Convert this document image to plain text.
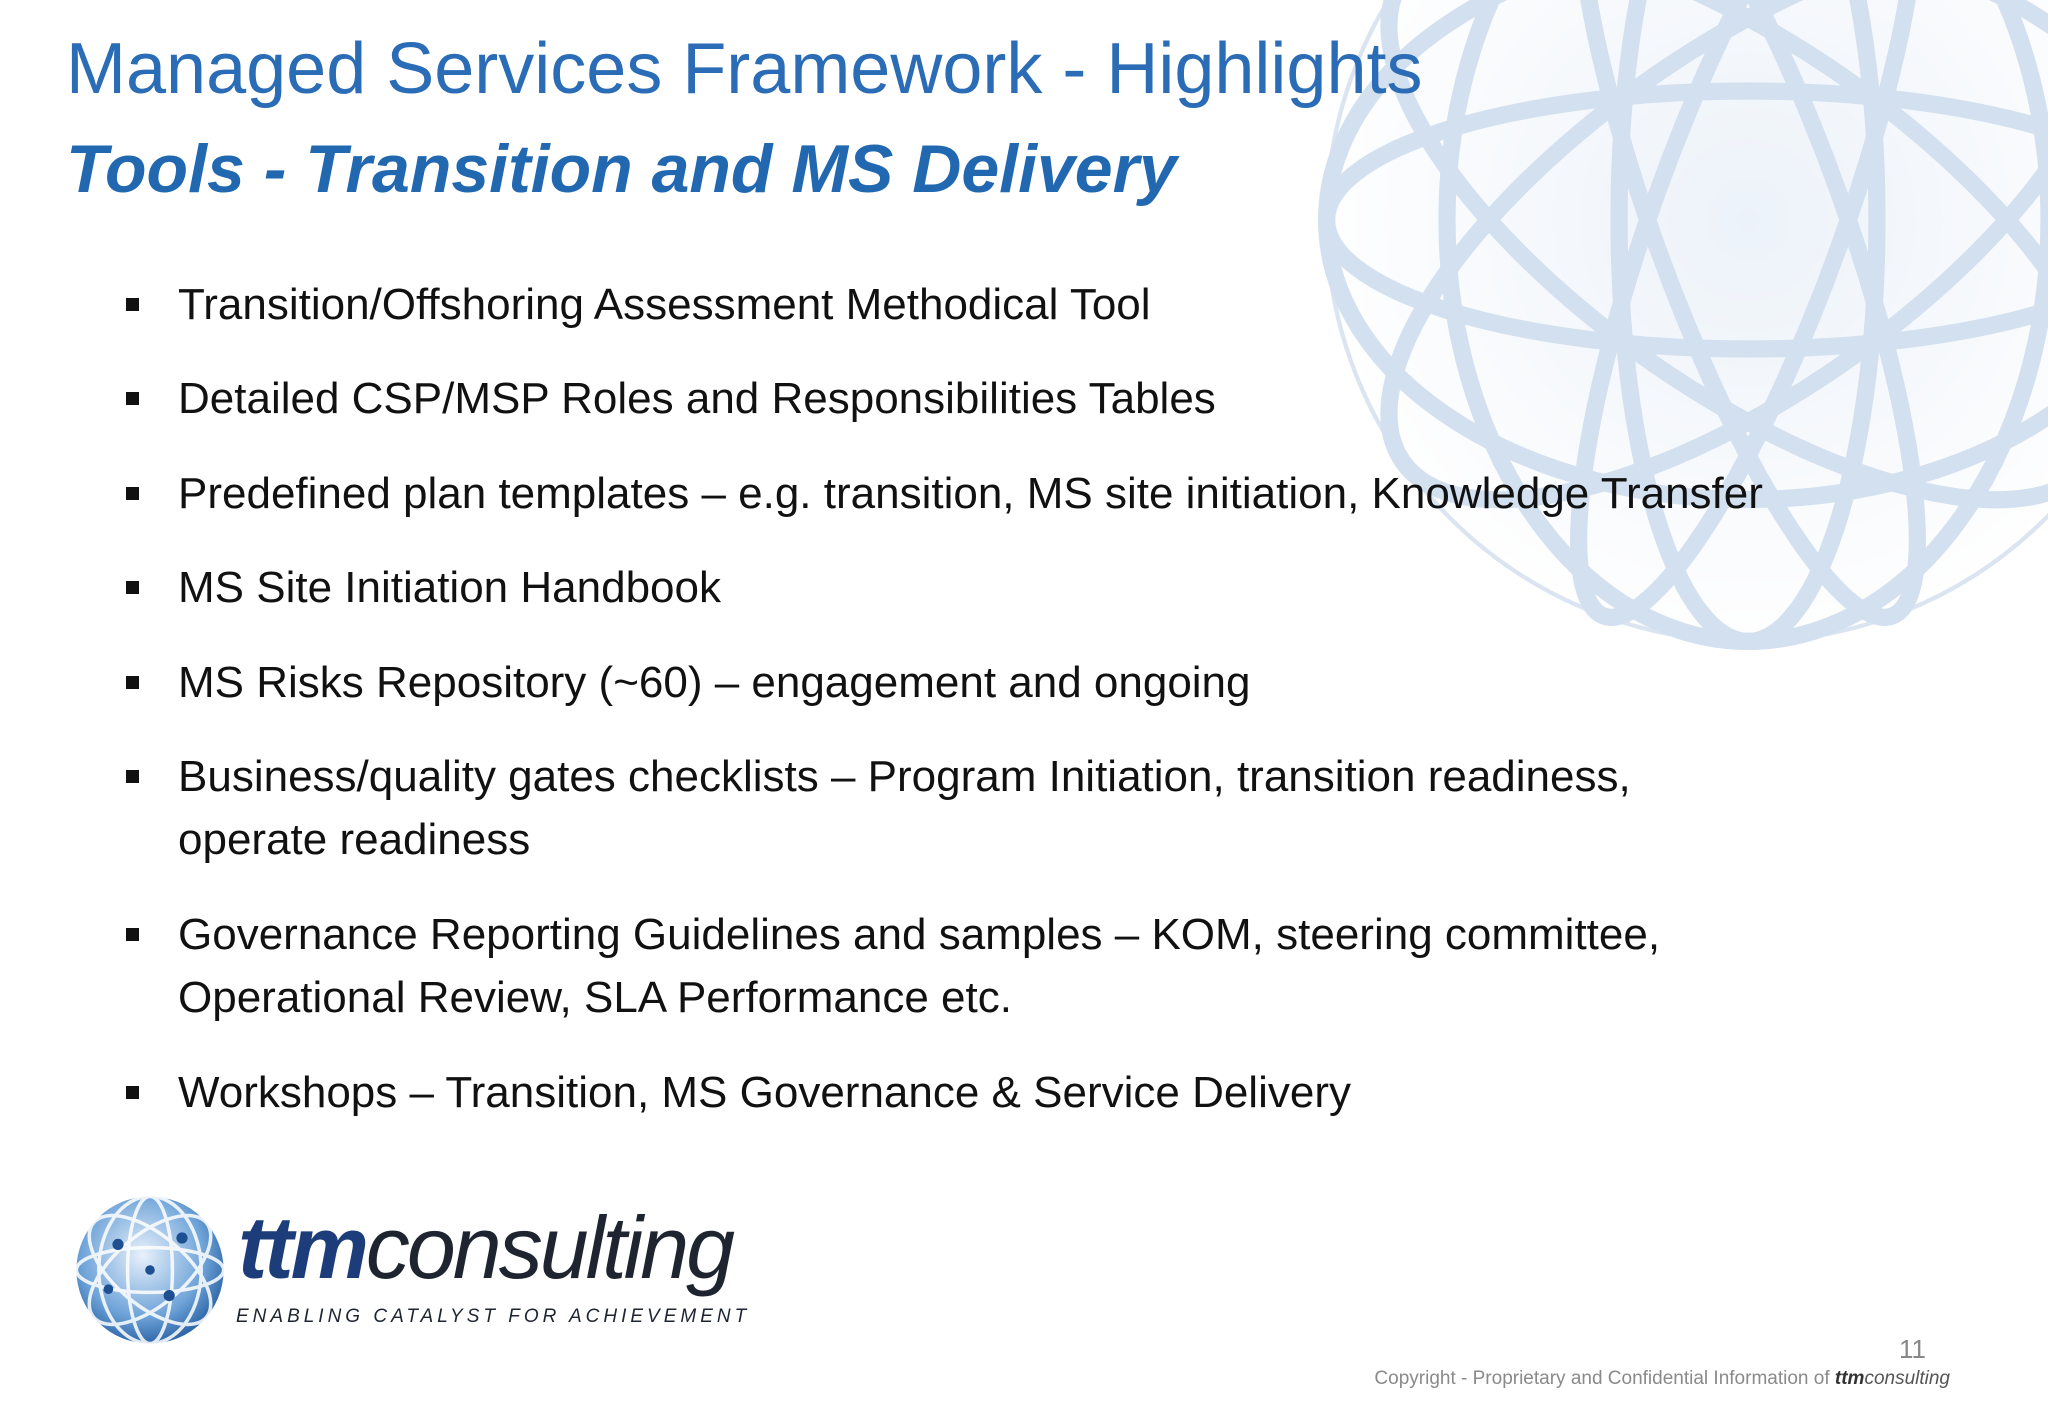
Managed Services Framework - Highlights
Tools - Transition and MS Delivery
Transition/Offshoring Assessment Methodical Tool
Detailed CSP/MSP Roles and Responsibilities Tables
Predefined plan templates – e.g. transition, MS site initiation, Knowledge Transfer
MS Site Initiation Handbook
MS Risks Repository (~60) – engagement and ongoing
Business/quality gates checklists – Program Initiation, transition readiness,
operate readiness
Governance Reporting Guidelines and samples – KOM, steering committee,
Operational Review, SLA Performance etc.
Workshops – Transition, MS Governance & Service Delivery
ttmconsulting
ENABLING CATALYST FOR ACHIEVEMENT
11
Copyright - Proprietary and Confidential Information of ttmconsulting
